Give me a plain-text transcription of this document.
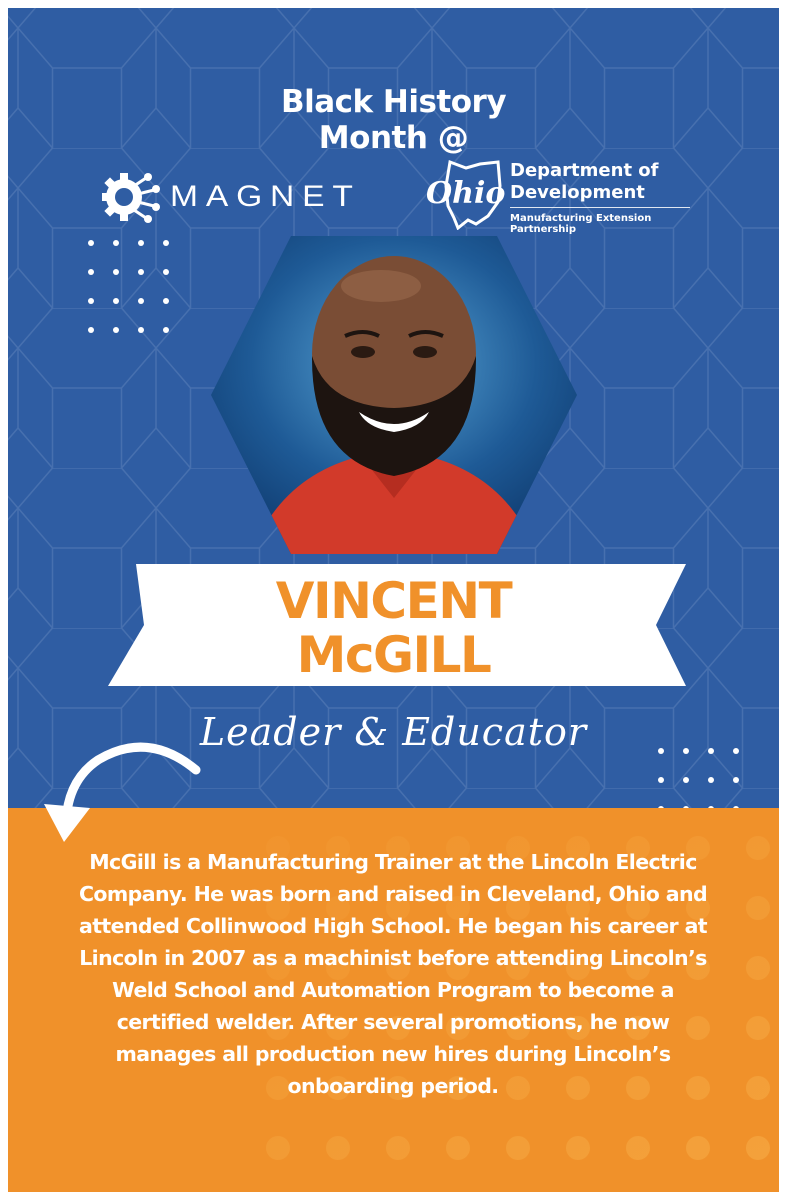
Black History
Month @
MAGNET Ohio
Department of
Development
Manufacturing Extension Partnership
VINCENT
McGILL
Leader & Educator
McGill is a Manufacturing Trainer at the Lincoln Electric Company. He was born and raised in Cleveland, Ohio and attended Collinwood High School. He began his career at Lincoln in 2007 as a machinist before attending Lincoln’s Weld School and Automation Program to become a certified welder. After several promotions, he now manages all production new hires during Lincoln’s onboarding period.
